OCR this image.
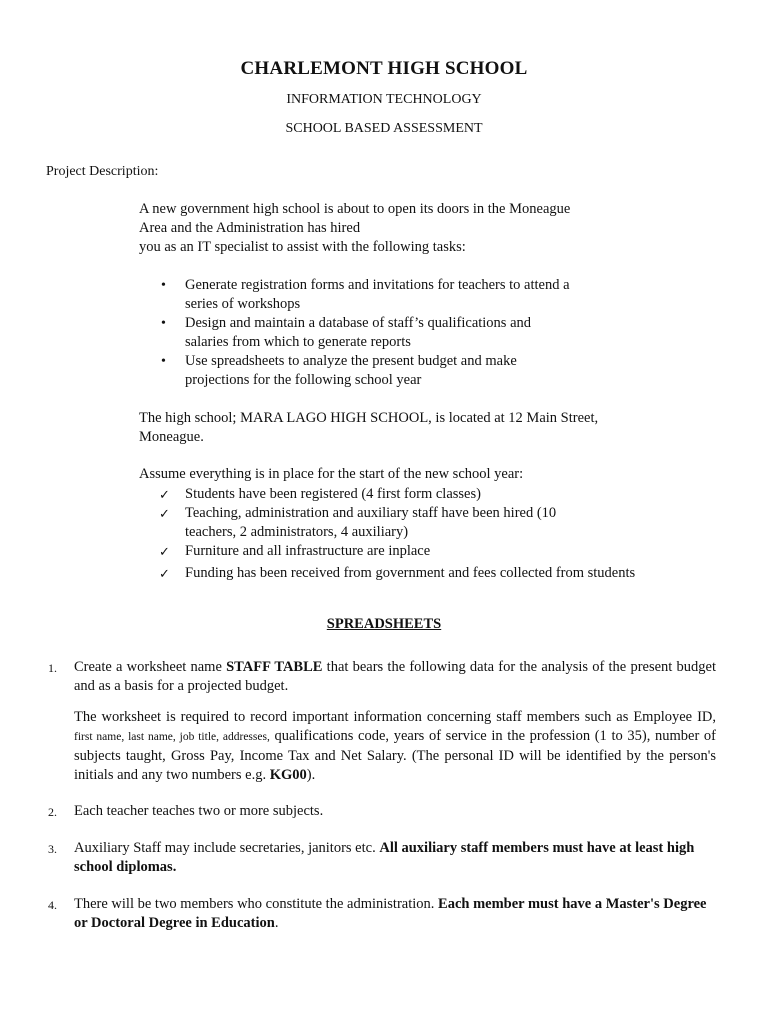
CHARLEMONT HIGH SCHOOL
INFORMATION TECHNOLOGY
SCHOOL BASED ASSESSMENT
Project Description:
A new government high school is about to open its doors in the Moneague
Area and the Administration has hired
you as an IT specialist to assist with the following tasks:
• Generate registration forms and invitations for teachers to attend a
series of workshops
• Design and maintain a database of staff’s qualifications and
salaries from which to generate reports
• Use spreadsheets to analyze the present budget and make
projections for the following school year
The high school; MARA LAGO HIGH SCHOOL, is located at 12 Main Street,
Moneague.
Assume everything is in place for the start of the new school year:
✓ Students have been registered (4 first form classes)
✓ Teaching, administration and auxiliary staff have been hired (10
teachers, 2 administrators, 4 auxiliary)
✓ Furniture and all infrastructure are inplace
✓ Funding has been received from government and fees collected from students
SPREADSHEETS
1. Create a worksheet name STAFF TABLE that bears the following data for the analysis of the present budget and as a basis for a projected budget.
The worksheet is required to record important information concerning staff members such as Employee ID, first name, last name, job title, addresses, qualifications code, years of service in the profession (1 to 35), number of subjects taught, Gross Pay, Income Tax and Net Salary. (The personal ID will be identified by the person's initials and any two numbers e.g. KG00).
2. Each teacher teaches two or more subjects.
3. Auxiliary Staff may include secretaries, janitors etc. All auxiliary staff members must have at least high school diplomas.
4. There will be two members who constitute the administration. Each member must have a Master's Degree or Doctoral Degree in Education.
